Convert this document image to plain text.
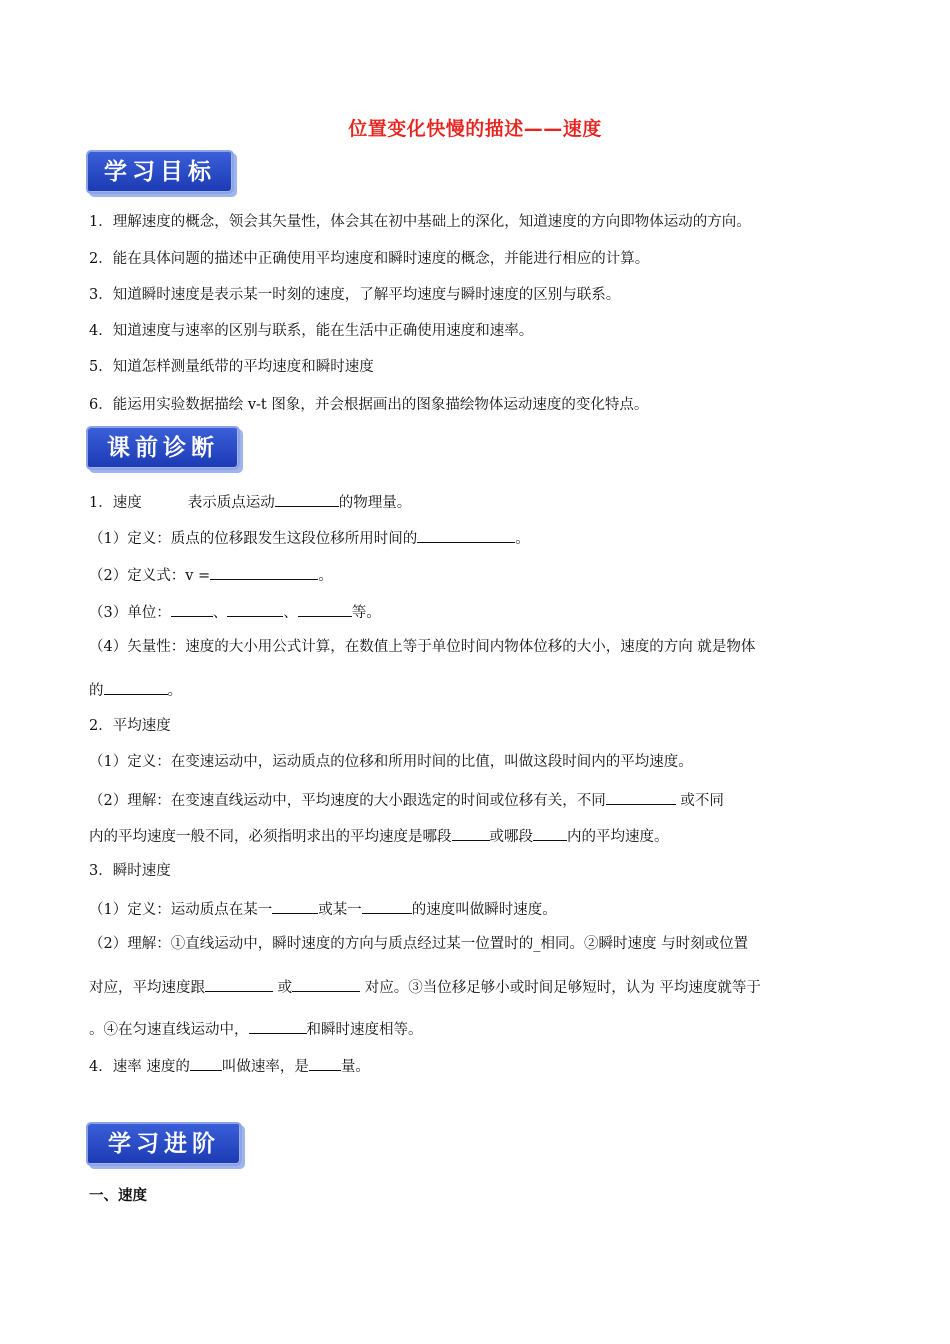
位置变化快慢的描述——速度
学习目标
1．理解速度的概念，领会其矢量性，体会其在初中基础上的深化，知道速度的方向即物体运动的方向。
2．能在具体问题的描述中正确使用平均速度和瞬时速度的概念，并能进行相应的计算。
3．知道瞬时速度是表示某一时刻的速度，了解平均速度与瞬时速度的区别与联系。
4．知道速度与速率的区别与联系，能在生活中正确使用速度和速率。
5．知道怎样测量纸带的平均速度和瞬时速度
6．能运用实验数据描绘 v-t 图象，并会根据画出的图象描绘物体运动速度的变化特点。
课前诊断
1．速度	表示质点运动	的物理量。
（1）定义：质点的位移跟发生这段位移所用时间的	。
（2）定义式：v =	。
（3）单位：	、	、	等。
（4）矢量性：速度的大小用公式计算，在数值上等于单位时间内物体位移的大小，速度的方向 就是物体
的	。
2．平均速度
（1）定义：在变速运动中，运动质点的位移和所用时间的比值，叫做这段时间内的平均速度。
（2）理解：在变速直线运动中，平均速度的大小跟选定的时间或位移有关，不同	或不同
内的平均速度一般不同，必须指明求出的平均速度是哪段	或哪段 内的平均速度。
3．瞬时速度
（1）定义：运动质点在某一	或某一	的速度叫做瞬时速度。
（2）理解：①直线运动中，瞬时速度的方向与质点经过某一位置时的_相同。②瞬时速度 与时刻或位置
对应，平均速度跟	或	对应。③当位移足够小或时间足够短时，认为 平均速度就等于
。④在匀速直线运动中，	和瞬时速度相等。
4．速率 速度的 叫做速率，是 量。
学习进阶
一、速度
